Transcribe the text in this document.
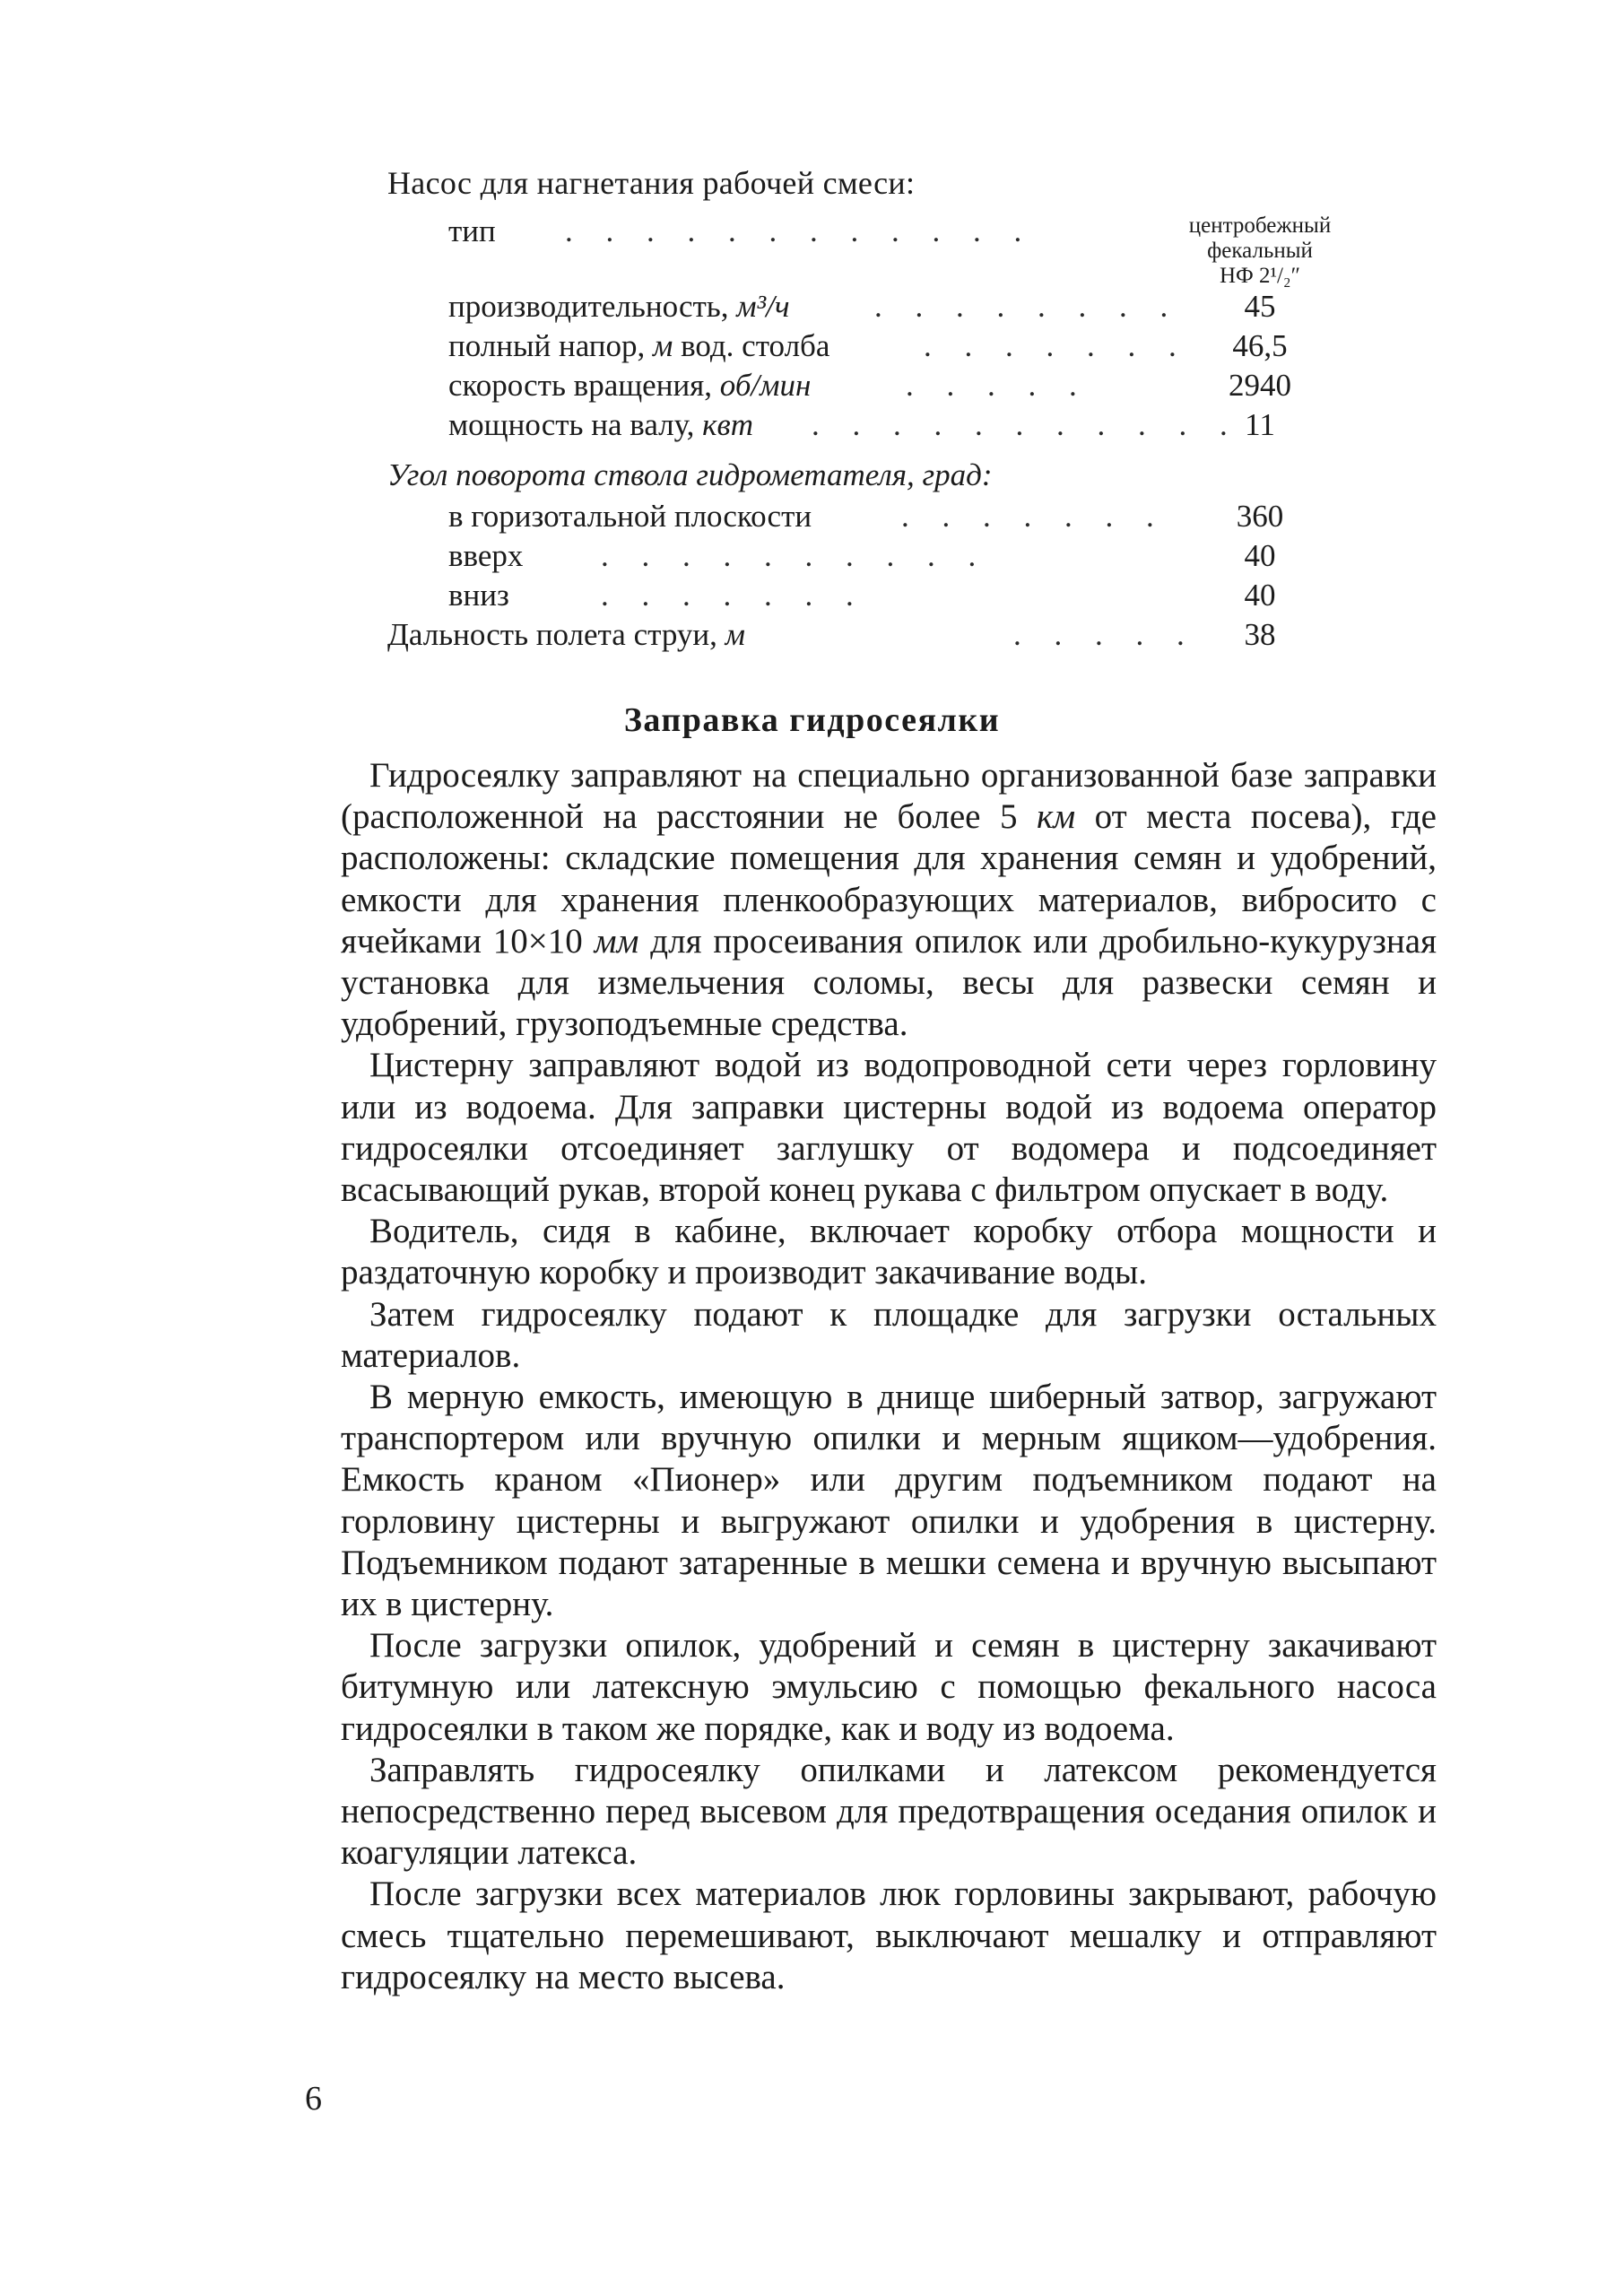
Насос для нагнетания рабочей смеси:
тип . . . . . . . . . . . .	центробежный
фекальный
НФ 2¹/₂″
производительность, м³/ч	. . . . . . . .	45
полный напор, м вод. столба	. . . . . . .	46,5
скорость вращения, об/мин	. . . . .	2940
мощность на валу, квт . . . . . . . . . . . 11
Угол поворота ствола гидрометателя, град:
в горизотальной плоскости	. . . . . . .	360
вверх . . . . . . . . . .	40
вниз	. . . . . . .	40
Дальность полета струи, м	. . . . .	38
Заправка гидросеялки

Гидросеялку заправляют на специально организованной базе заправки (расположенной на расстоянии не более 5 км от места посева), где расположены: складские помещения для хранения семян и удобрений, емкости для хранения пленкообразующих материалов, вибросито с ячейками 10×10 мм для просеивания опилок или дробильно-кукурузная установка для измельчения соломы, весы для развески семян и удобрений, грузоподъемные средства.

Цистерну заправляют водой из водопроводной сети через горловину или из водоема. Для заправки цистерны водой из водоема оператор гидросеялки отсоединяет заглушку от водомера и подсоединяет всасывающий рукав, второй конец рукава с фильтром опускает в воду.

Водитель, сидя в кабине, включает коробку отбора мощности и раздаточную коробку и производит закачивание воды.

Затем гидросеялку подают к площадке для загрузки остальных материалов.

В мерную емкость, имеющую в днище шиберный затвор, загружают транспортером или вручную опилки и мерным ящиком—удобрения. Емкость краном «Пионер» или другим подъемником подают на горловину цистерны и выгружают опилки и удобрения в цистерну. Подъемником подают затаренные в мешки семена и вручную высыпают их в цистерну.

После загрузки опилок, удобрений и семян в цистерну закачивают битумную или латексную эмульсию с помощью фекального насоса гидросеялки в таком же порядке, как и воду из водоема.

Заправлять гидросеялку опилками и латексом рекомендуется непосредственно перед высевом для предотвращения оседания опилок и коагуляции латекса.

После загрузки всех материалов люк горловины закрывают, рабочую смесь тщательно перемешивают, выключают мешалку и отправляют гидросеялку на место высева.

6
